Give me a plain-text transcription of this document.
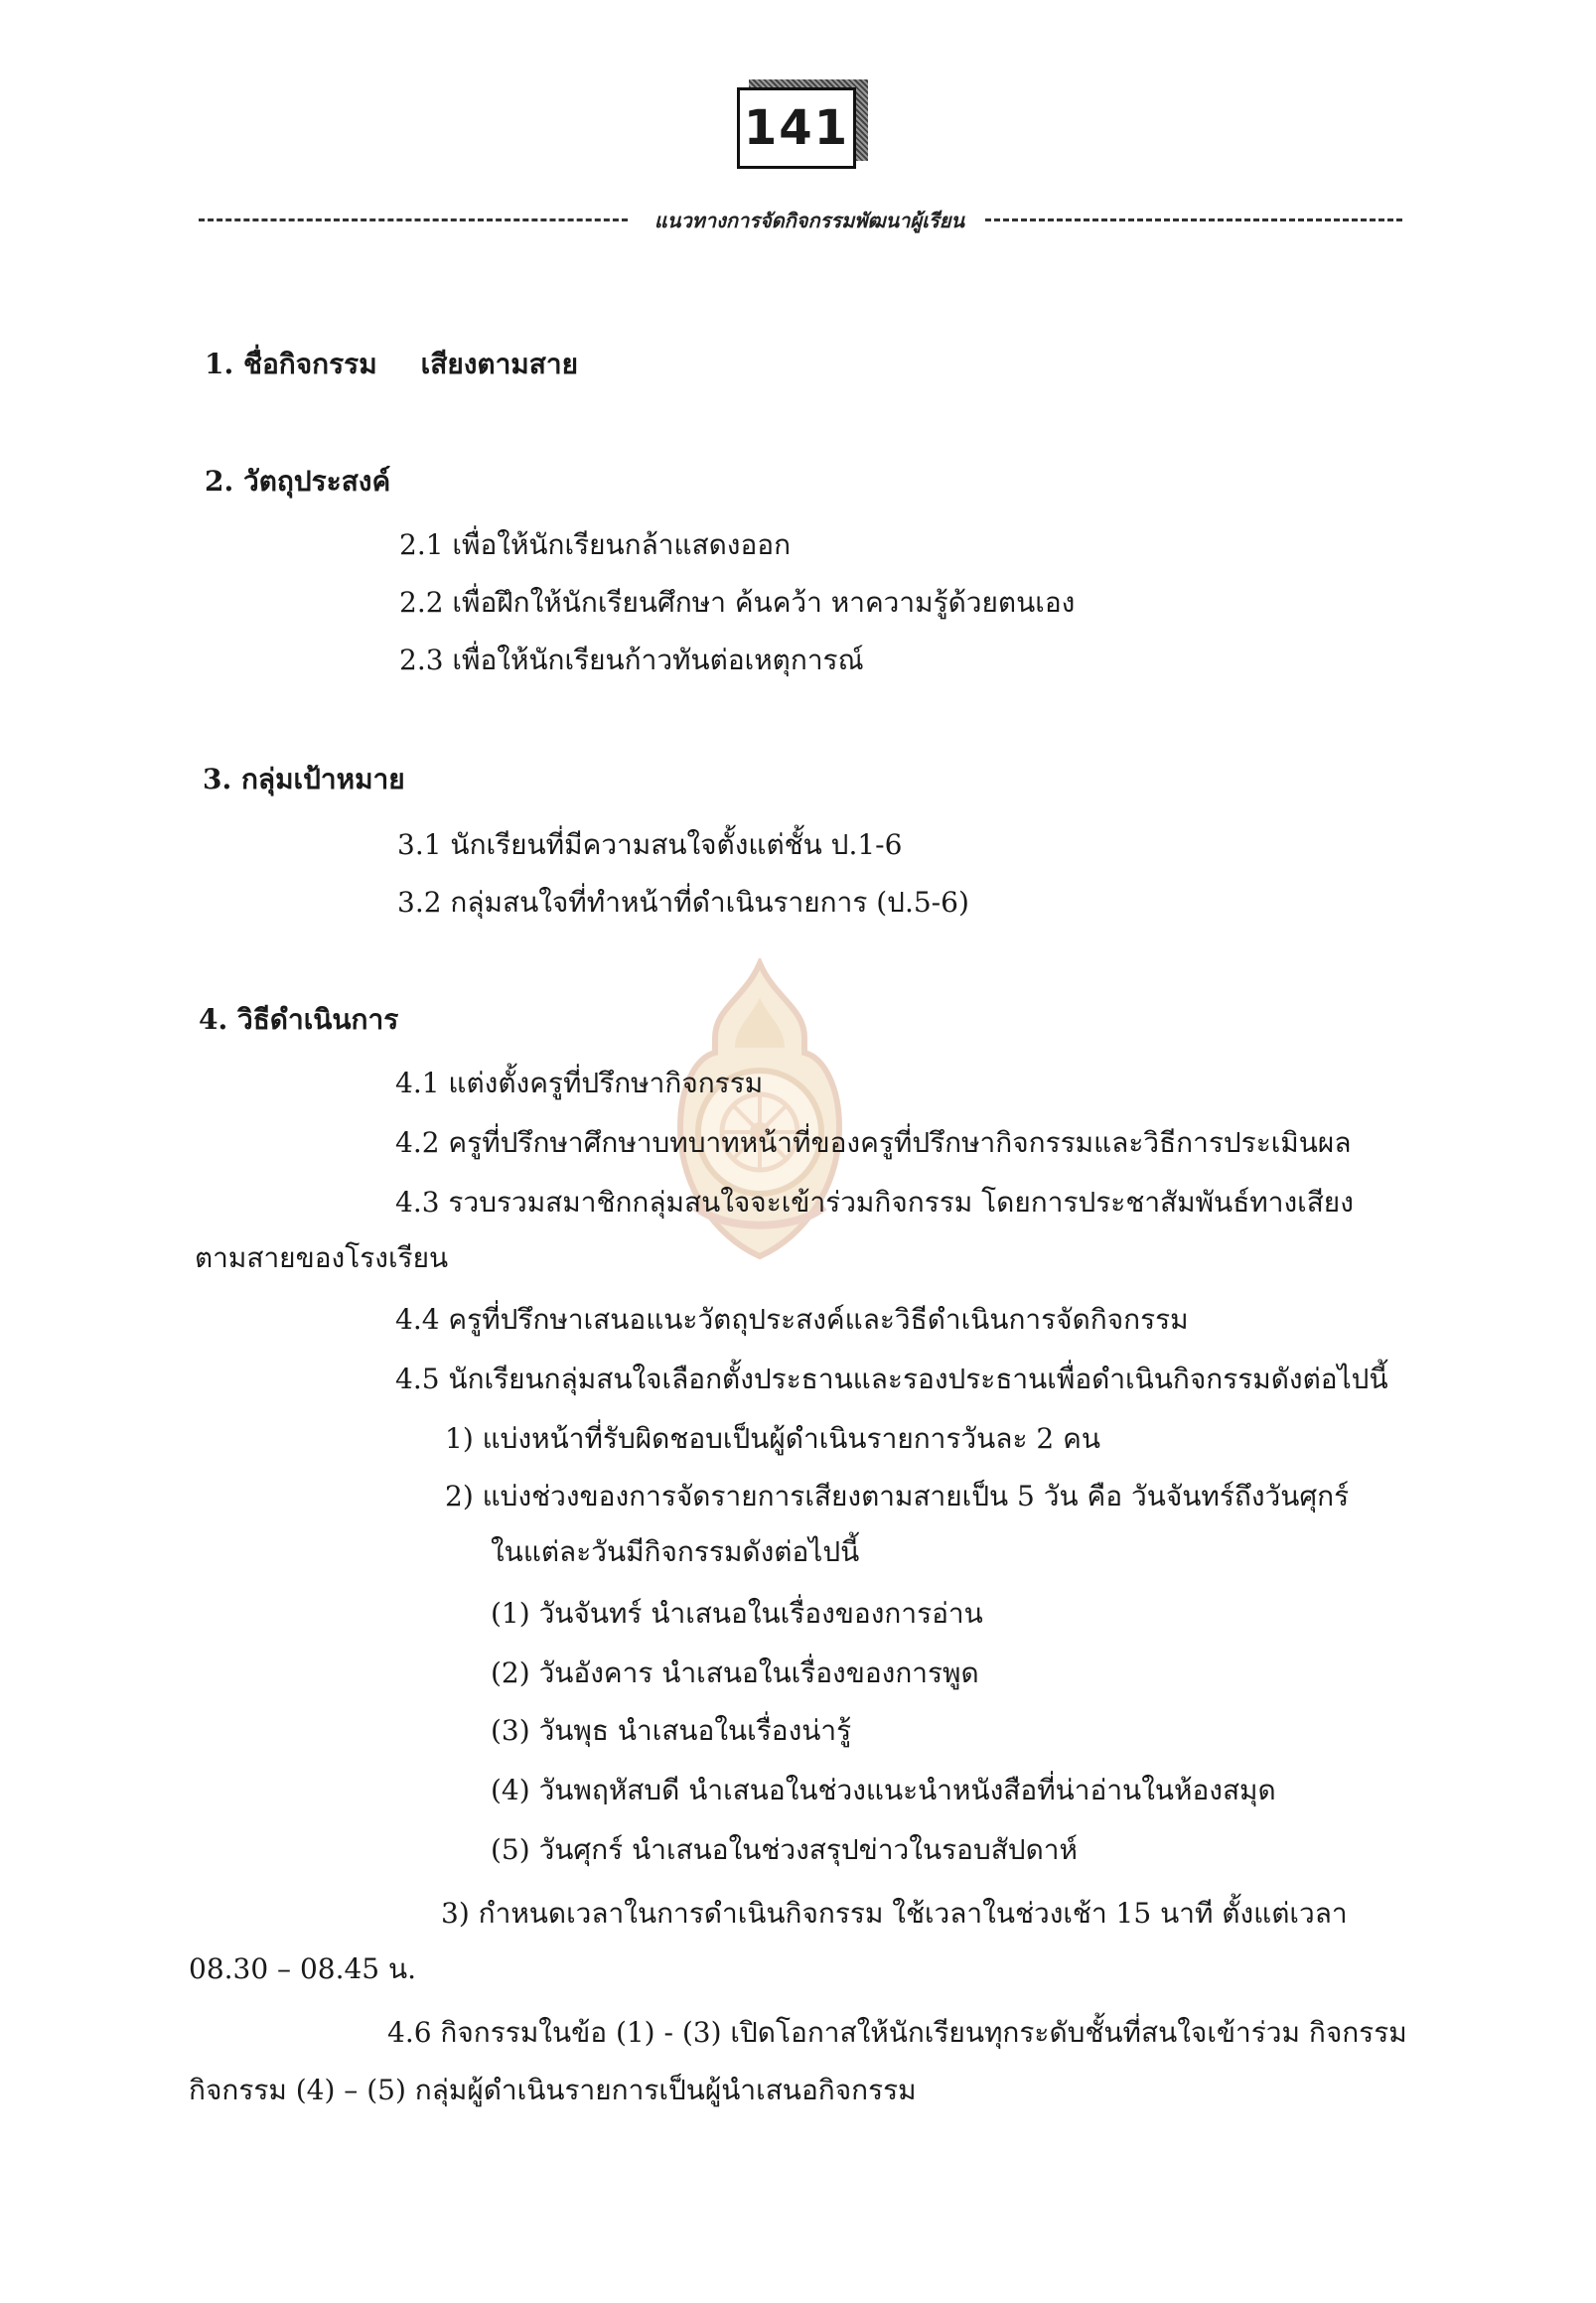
141
แนวทางการจัดกิจกรรมพัฒนาผู้เรียน
1. ชื่อกิจกรรม เสียงตามสาย
2. วัตถุประสงค์
2.1 เพื่อให้นักเรียนกล้าแสดงออก
2.2 เพื่อฝึกให้นักเรียนศึกษา ค้นคว้า หาความรู้ด้วยตนเอง
2.3 เพื่อให้นักเรียนก้าวทันต่อเหตุการณ์
3. กลุ่มเป้าหมาย
3.1 นักเรียนที่มีความสนใจตั้งแต่ชั้น ป.1-6
3.2 กลุ่มสนใจที่ทำหน้าที่ดำเนินรายการ (ป.5-6)
4. วิธีดำเนินการ
4.1 แต่งตั้งครูที่ปรึกษากิจกรรม
4.2 ครูที่ปรึกษาศึกษาบทบาทหน้าที่ของครูที่ปรึกษากิจกรรมและวิธีการประเมินผล
4.3 รวบรวมสมาชิกกลุ่มสนใจจะเข้าร่วมกิจกรรม โดยการประชาสัมพันธ์ทางเสียง
ตามสายของโรงเรียน
4.4 ครูที่ปรึกษาเสนอแนะวัตถุประสงค์และวิธีดำเนินการจัดกิจกรรม
4.5 นักเรียนกลุ่มสนใจเลือกตั้งประธานและรองประธานเพื่อดำเนินกิจกรรมดังต่อไปนี้
1) แบ่งหน้าที่รับผิดชอบเป็นผู้ดำเนินรายการวันละ 2 คน
2) แบ่งช่วงของการจัดรายการเสียงตามสายเป็น 5 วัน คือ วันจันทร์ถึงวันศุกร์
ในแต่ละวันมีกิจกรรมดังต่อไปนี้
(1) วันจันทร์ นำเสนอในเรื่องของการอ่าน
(2) วันอังคาร นำเสนอในเรื่องของการพูด
(3) วันพุธ นำเสนอในเรื่องน่ารู้
(4) วันพฤหัสบดี นำเสนอในช่วงแนะนำหนังสือที่น่าอ่านในห้องสมุด
(5) วันศุกร์ นำเสนอในช่วงสรุปข่าวในรอบสัปดาห์
3) กำหนดเวลาในการดำเนินกิจกรรม ใช้เวลาในช่วงเช้า 15 นาที ตั้งแต่เวลา
08.30 – 08.45 น.
4.6 กิจกรรมในข้อ (1) - (3) เปิดโอกาสให้นักเรียนทุกระดับชั้นที่สนใจเข้าร่วม กิจกรรม
กิจกรรม (4) – (5) กลุ่มผู้ดำเนินรายการเป็นผู้นำเสนอกิจกรรม
